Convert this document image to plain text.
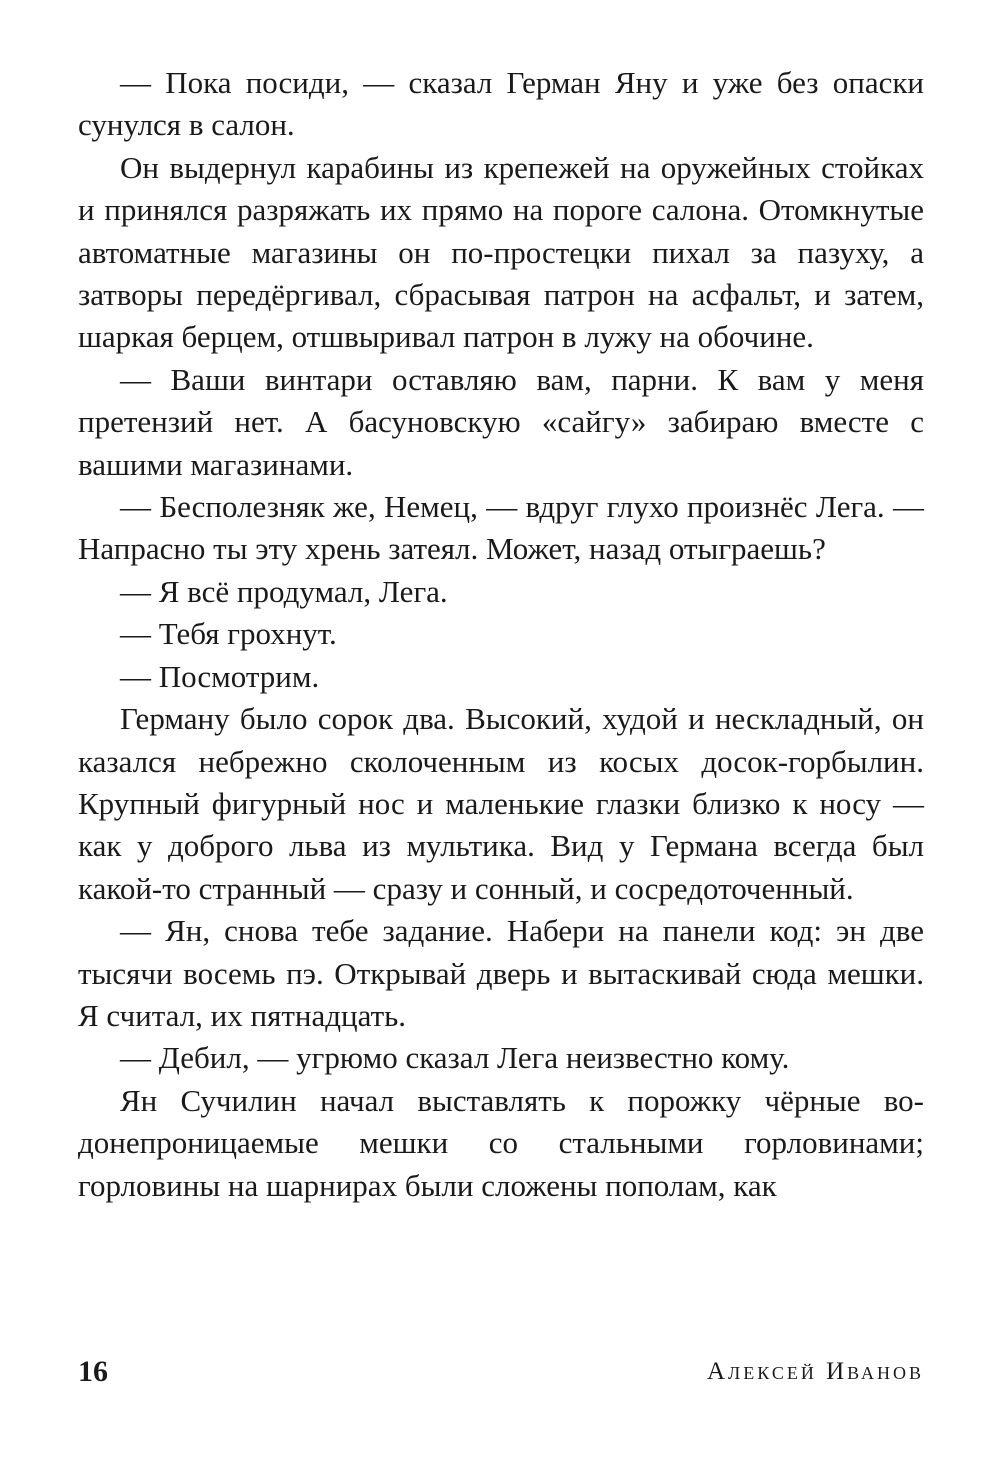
— Пока посиди, — сказал Герман Яну и уже без опаски сунулся в салон.

Он выдернул карабины из крепежей на оружейных стойках и принялся разряжать их прямо на пороге салона. Отомкнутые автоматные магазины он по-простецки пихал за пазуху, а затворы передёргивал, сбрасывая патрон на асфальт, и затем, шаркая берцем, отшвыривал патрон в лужу на обочине.

— Ваши винтари оставляю вам, парни. К вам у меня претензий нет. А басуновскую «сайгу» забираю вместе с вашими магазинами.

— Бесполезняк же, Немец, — вдруг глухо произнёс Лега. — Напрасно ты эту хрень затеял. Может, назад отыграешь?

— Я всё продумал, Лега.

— Тебя грохнут.

— Посмотрим.

Герману было сорок два. Высокий, худой и нескладный, он казался небрежно сколоченным из косых досок-горбылин. Крупный фигурный нос и маленькие глазки близко к носу — как у доброго льва из мультика. Вид у Германа всегда был какой-то странный — сразу и сонный, и сосредоточенный.

— Ян, снова тебе задание. Набери на панели код: эн две тысячи восемь пэ. Открывай дверь и вытаскивай сюда мешки. Я считал, их пятнадцать.

— Дебил, — угрюмо сказал Лега неизвестно кому.

Ян Сучилин начал выставлять к порожку чёрные водонепроницаемые мешки со стальными горловинами; горловины на шарнирах были сложены пополам, как

16	Алексей Иванов
